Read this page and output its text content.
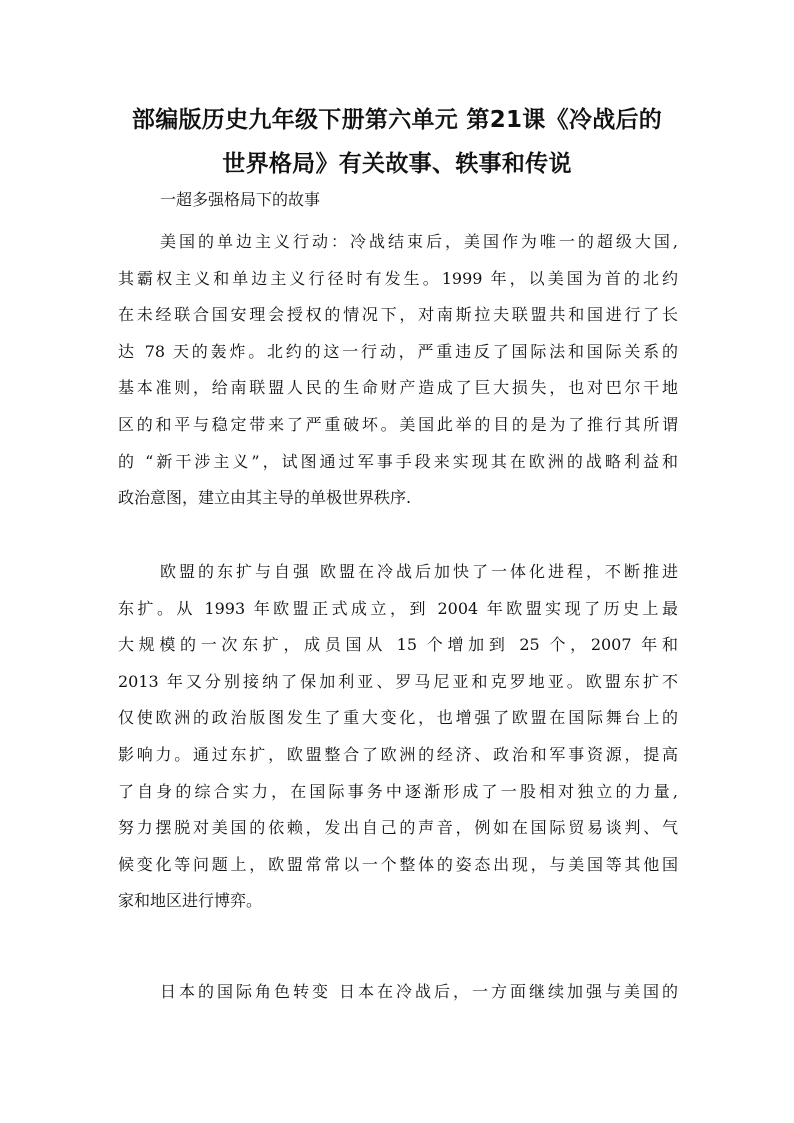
部编版历史九年级下册第六单元 第21课《冷战后的
世界格局》有关故事、轶事和传说

一超多强格局下的故事

美国的单边主义行动：冷战结束后，美国作为唯一的超级大国,
其霸权主义和单边主义行径时有发生。1999 年，以美国为首的北约
在未经联合国安理会授权的情况下，对南斯拉夫联盟共和国进行了长
达 78 天的轰炸。北约的这一行动，严重违反了国际法和国际关系的
基本准则，给南联盟人民的生命财产造成了巨大损失，也对巴尔干地
区的和平与稳定带来了严重破坏。美国此举的目的是为了推行其所谓
的 “新干涉主义”，试图通过军事手段来实现其在欧洲的战略利益和
政治意图，建立由其主导的单极世界秩序.
欧盟的东扩与自强 欧盟在冷战后加快了一体化进程，不断推进
东扩。从 1993 年欧盟正式成立，到 2004 年欧盟实现了历史上最
大规模的一次东扩，成员国从 15 个增加到 25 个，2007 年和
2013 年又分别接纳了保加利亚、罗马尼亚和克罗地亚。欧盟东扩不
仅使欧洲的政治版图发生了重大变化，也增强了欧盟在国际舞台上的
影响力。通过东扩，欧盟整合了欧洲的经济、政治和军事资源，提高
了自身的综合实力，在国际事务中逐渐形成了一股相对独立的力量,
努力摆脱对美国的依赖，发出自己的声音，例如在国际贸易谈判、气
候变化等问题上，欧盟常常以一个整体的姿态出现，与美国等其他国
家和地区进行博弈。
日本的国际角色转变 日本在冷战后，一方面继续加强与美国的
